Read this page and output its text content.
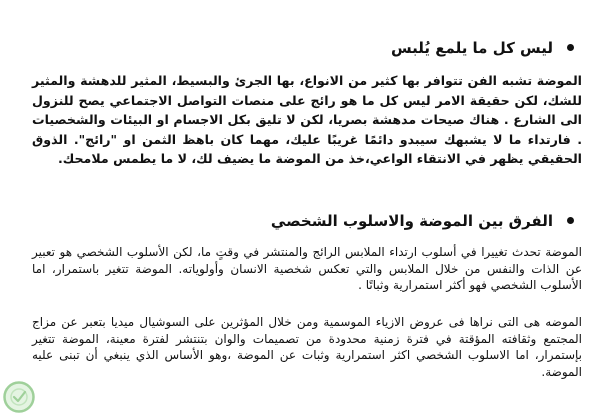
ليس كل ما يلمع يُلبس
الموضة تشبه الفن تتوافر بها كثير من الانواع، بها الجرئ والبسيط، المثير للدهشة والمثير للشك، لكن حقيقة الامر ليس كل ما هو رائج على منصات التواصل الاجتماعي يصح للنزول الى الشارع . هناك صيحات مدهشة بصريا، لكن لا تليق بكل الاجسام او البيئات والشخصيات . فارتداء ما لا يشبهك سيبدو دائمًا غريبًا عليك، مهما كان باهظ الثمن او "رائج". الذوق الحقيقي يظهر في الانتقاء الواعي،خذ من الموضة ما يضيف لك، لا ما يطمس ملامحك.
الفرق بين الموضة والاسلوب الشخصي
الموضة تحدث تغييرا في أسلوب ارتداء الملابس الرائج والمنتشر في وقتٍ ما، لكن الأسلوب الشخصي هو تعبير عن الذات والنفس من خلال الملابس والتي تعكس شخصية الانسان وأولوياته. الموضة تتغير باستمرار، اما الأسلوب الشخصي فهو أكثر استمرارية وثباتًا .
الموضه هى التى نراها فى عروض الازياء الموسمية ومن خلال المؤثرين على السوشيال ميديا بتعبر عن مزاج المجتمع وثقافته المؤقتة في فترة زمنية محدودة من تصميمات والوان بتنتشر لفترة معينة، الموضة تتغير بإستمرار، اما الاسلوب الشخصي اكثر استمرارية وثبات عن الموضة ،وهو الأساس الذي ينبغي أن تبنى عليه الموضة.
